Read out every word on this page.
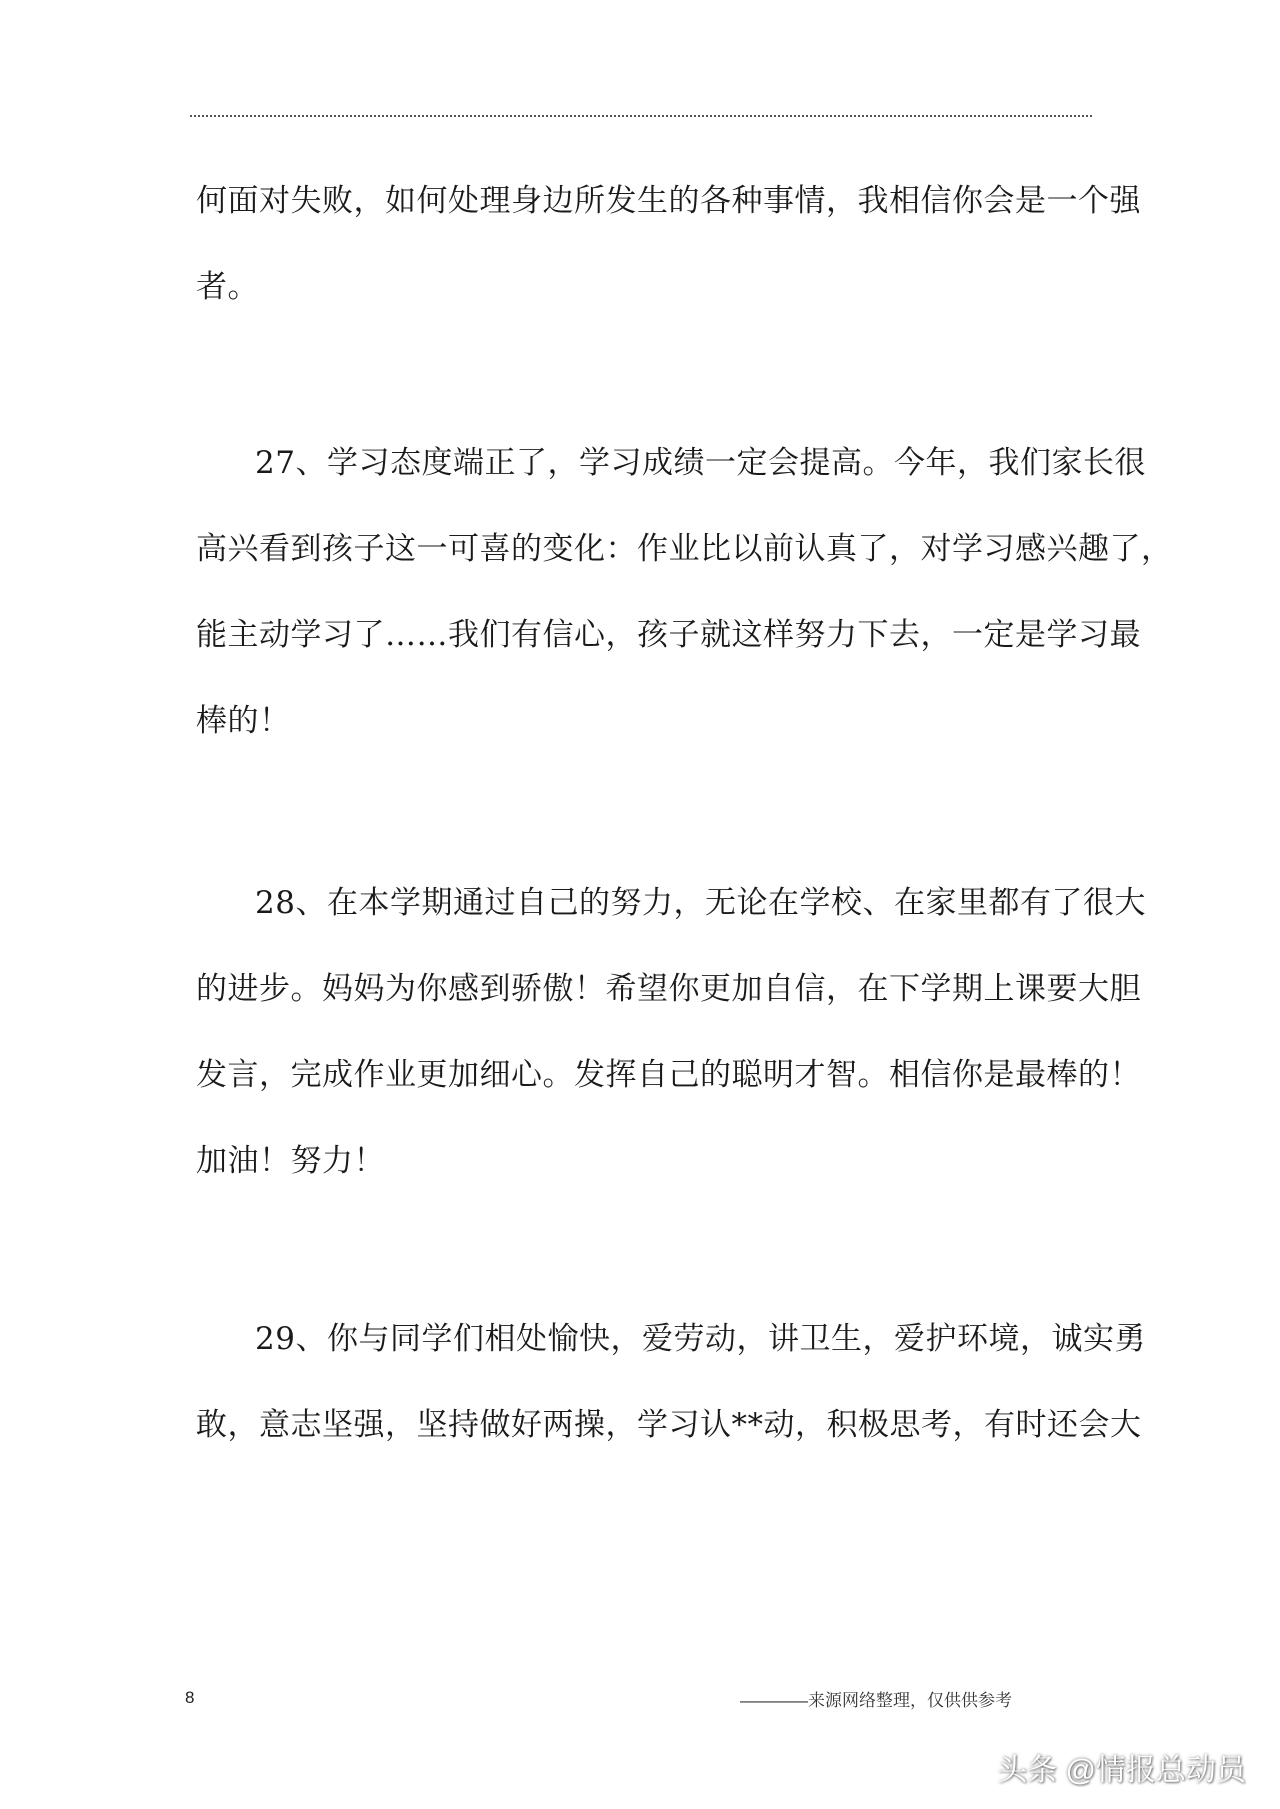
何面对失败，如何处理身边所发生的各种事情，我相信你会是一个强
者。

27、学习态度端正了，学习成绩一定会提高。今年，我们家长很
高兴看到孩子这一可喜的变化：作业比以前认真了，对学习感兴趣了，
能主动学习了……我们有信心，孩子就这样努力下去，一定是学习最
棒的！

28、在本学期通过自己的努力，无论在学校、在家里都有了很大
的进步。妈妈为你感到骄傲！希望你更加自信，在下学期上课要大胆
发言，完成作业更加细心。发挥自己的聪明才智。相信你是最棒的！
加油！努力！

29、你与同学们相处愉快，爱劳动，讲卫生，爱护环境，诚实勇
敢，意志坚强，坚持做好两操，学习认**动，积极思考，有时还会大

8	————来源网络整理，仅供供参考
头条 @情报总动员
